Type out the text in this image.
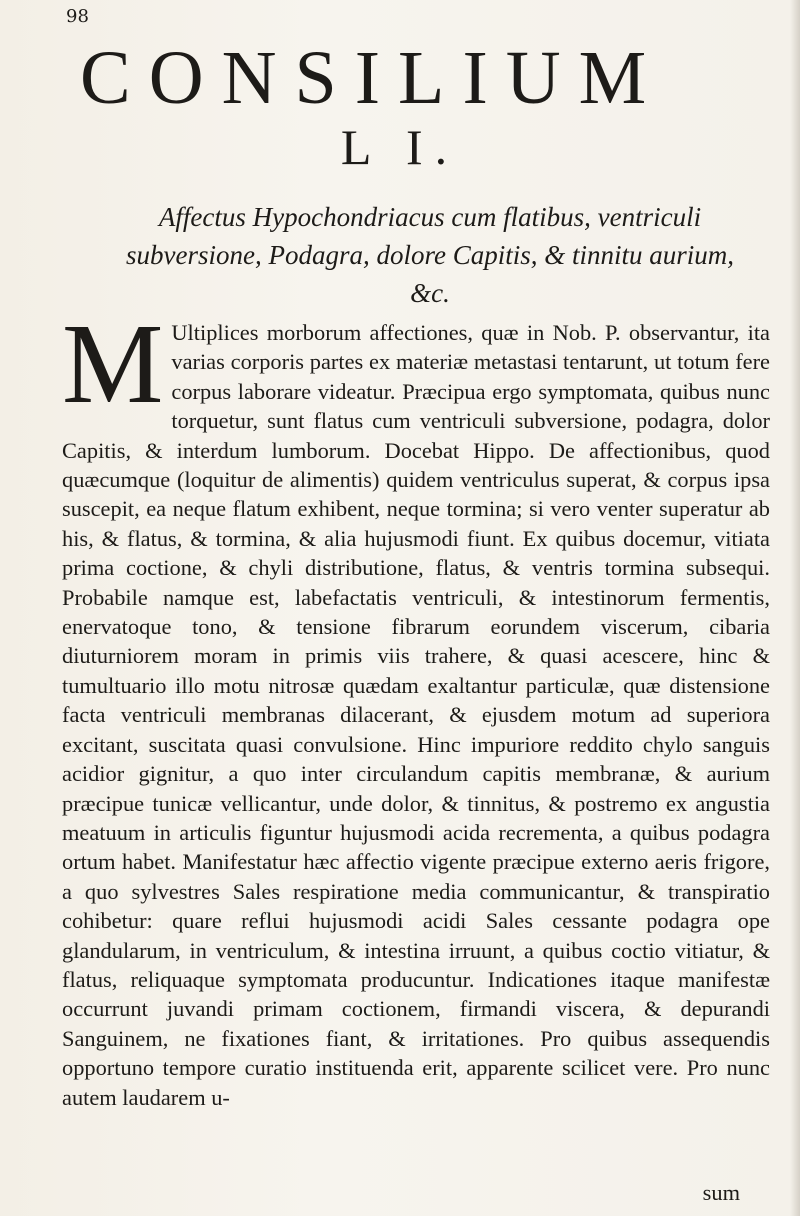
98
CONSILIUM
L I.
Affectus Hypochondriacus cum flatibus, ventriculi subversione, Podagra, dolore Capitis, & tinnitu aurium, &c.
M Ultiplices morborum affectiones, quæ in Nob. P. observantur, ita varias corporis partes ex materiæ metastasi tentarunt, ut totum fere corpus laborare videatur. Præcipua ergo symptomata, quibus nunc torquetur, sunt flatus cum ventriculi subversione, podagra, dolor Capitis, & interdum lumborum. Docebat Hippo. De affectionibus, quod quæcumque (loquitur de alimentis) quidem ventriculus superat, & corpus ipsa suscepit, ea neque flatum exhibent, neque tormina; si vero venter superatur ab his, & flatus, & tormina, & alia hujusmodi fiunt. Ex quibus docemur, vitiata prima coctione, & chyli distributione, flatus, & ventris tormina subsequi. Probabile namque est, labefactatis ventriculi, & intestinorum fermentis, enervatoque tono, & tensione fibrarum eorundem viscerum, cibaria diuturniorem moram in primis viis trahere, & quasi acescere, hinc & tumultuario illo motu nitrosæ quædam exaltantur particulæ, quæ distensione facta ventriculi membranas dilacerant, & ejusdem motum ad superiora excitant, suscitata quasi convulsione. Hinc impuriore reddito chylo sanguis acidior gignitur, a quo inter circulandum capitis membranæ, & aurium præcipue tunicæ vellicantur, unde dolor, & tinnitus, & postremo ex angustia meatuum in articulis figuntur hujusmodi acida recrementa, a quibus podagra ortum habet. Manifestatur hæc affectio vigente præcipue externo aeris frigore, a quo sylvestres Sales respiratione media communicantur, & transpiratio cohibetur: quare reflui hujusmodi acidi Sales cessante podagra ope glandularum, in ventriculum, & intestina irruunt, a quibus coctio vitiatur, & flatus, reliquaque symptomata producuntur. Indicationes itaque manifestæ occurrunt juvandi primam coctionem, firmandi viscera, & depurandi Sanguinem, ne fixationes fiant, & irritationes. Pro quibus assequendis opportuno tempore curatio instituenda erit, apparente scilicet vere. Pro nunc autem laudarem u-
sum
